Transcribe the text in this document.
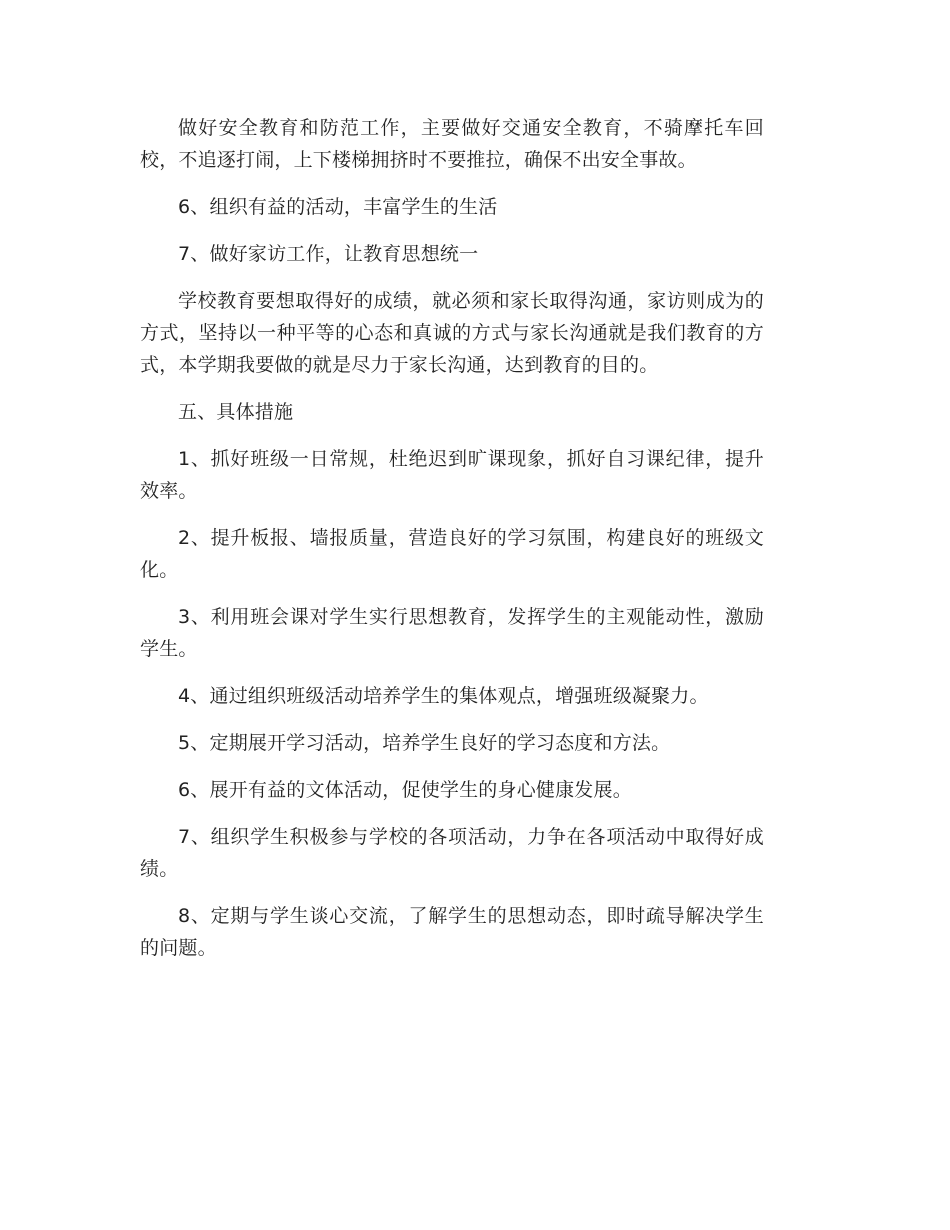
做好安全教育和防范工作，主要做好交通安全教育，不骑摩托车回校，不追逐打闹，上下楼梯拥挤时不要推拉，确保不出安全事故。

6、组织有益的活动，丰富学生的生活

7、做好家访工作，让教育思想统一

学校教育要想取得好的成绩，就必须和家长取得沟通，家访则成为的方式，坚持以一种平等的心态和真诚的方式与家长沟通就是我们教育的方式，本学期我要做的就是尽力于家长沟通，达到教育的目的。

五、具体措施

1、抓好班级一日常规，杜绝迟到旷课现象，抓好自习课纪律，提升效率。

2、提升板报、墙报质量，营造良好的学习氛围，构建良好的班级文化。

3、利用班会课对学生实行思想教育，发挥学生的主观能动性，激励学生。

4、通过组织班级活动培养学生的集体观点，增强班级凝聚力。

5、定期展开学习活动，培养学生良好的学习态度和方法。

6、展开有益的文体活动，促使学生的身心健康发展。

7、组织学生积极参与学校的各项活动，力争在各项活动中取得好成绩。

8、定期与学生谈心交流，了解学生的思想动态，即时疏导解决学生的问题。
